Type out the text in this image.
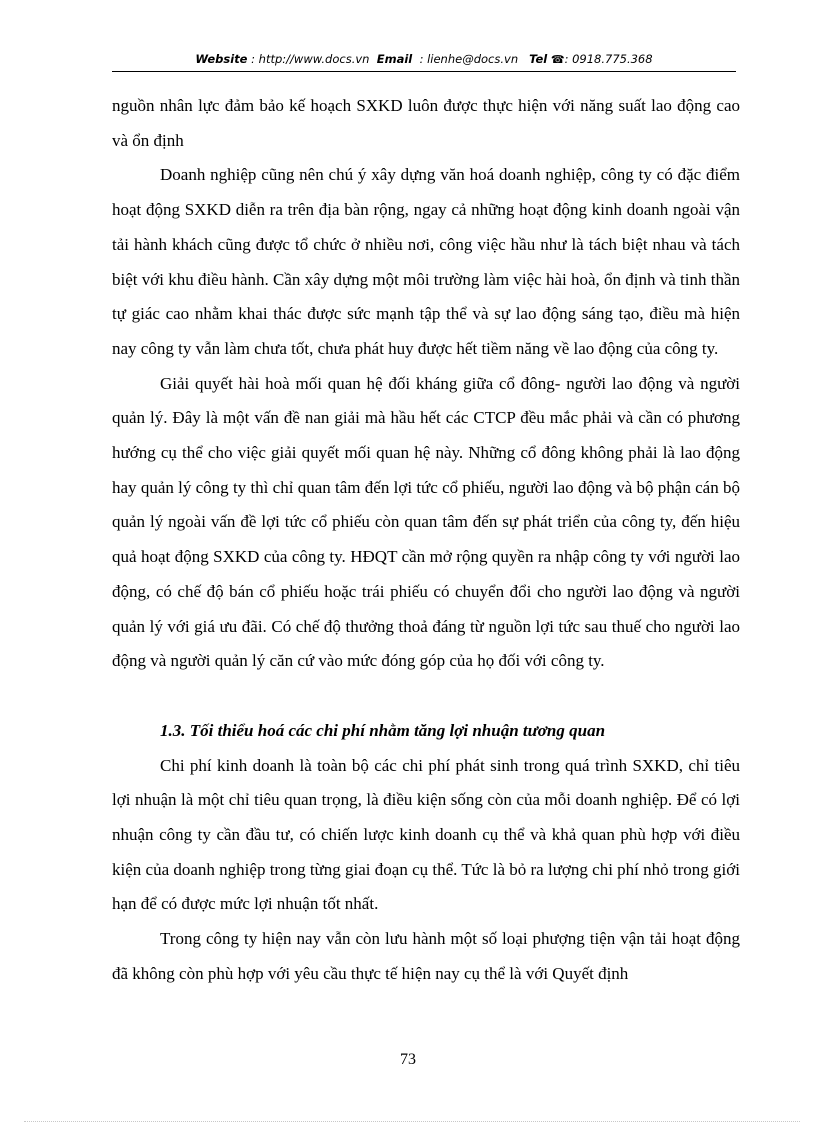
Website : http://www.docs.vn Email : lienhe@docs.vn Tel ☎: 0918.775.368

nguồn nhân lực đảm bảo kế hoạch SXKD luôn được thực hiện với năng suất lao động cao và ổn định

Doanh nghiệp cũng nên chú ý xây dựng văn hoá doanh nghiệp, công ty có đặc điểm hoạt động SXKD diễn ra trên địa bàn rộng, ngay cả những hoạt động kinh doanh ngoài vận tải hành khách cũng được tổ chức ở nhiều nơi, công việc hầu như là tách biệt nhau và tách biệt với khu điều hành. Cần xây dựng một môi trường làm việc hài hoà, ổn định và tinh thần tự giác cao nhằm khai thác được sức mạnh tập thể và sự lao động sáng tạo, điều mà hiện nay công ty vẫn làm chưa tốt, chưa phát huy được hết tiềm năng về lao động của công ty.

Giải quyết hài hoà mối quan hệ đối kháng giữa cổ đông- người lao động và người quản lý. Đây là một vấn đề nan giải mà hầu hết các CTCP đều mắc phải và cần có phương hướng cụ thể cho việc giải quyết mối quan hệ này. Những cổ đông không phải là lao động hay quản lý công ty thì chỉ quan tâm đến lợi tức cổ phiếu, người lao động và bộ phận cán bộ quản lý ngoài vấn đề lợi tức cổ phiếu còn quan tâm đến sự phát triển của công ty, đến hiệu quả hoạt động SXKD của công ty. HĐQT cần mở rộng quyền ra nhập công ty với người lao động, có chế độ bán cổ phiếu hoặc trái phiếu có chuyển đổi cho người lao động và người quản lý với giá ưu đãi. Có chế độ thưởng thoả đáng từ nguồn lợi tức sau thuế cho người lao động và người quản lý căn cứ vào mức đóng góp của họ đối với công ty.

1.3. Tối thiểu hoá các chi phí nhằm tăng lợi nhuận tương quan

Chi phí kinh doanh là toàn bộ các chi phí phát sinh trong quá trình SXKD, chỉ tiêu lợi nhuận là một chỉ tiêu quan trọng, là điều kiện sống còn của mỗi doanh nghiệp. Để có lợi nhuận công ty cần đầu tư, có chiến lược kinh doanh cụ thể và khả quan phù hợp với điều kiện của doanh nghiệp trong từng giai đoạn cụ thể. Tức là bỏ ra lượng chi phí nhỏ trong giới hạn để có được mức lợi nhuận tốt nhất.

Trong công ty hiện nay vẫn còn lưu hành một số loại phượng tiện vận tải hoạt động đã không còn phù hợp với yêu cầu thực tế hiện nay cụ thể là với Quyết định

73
